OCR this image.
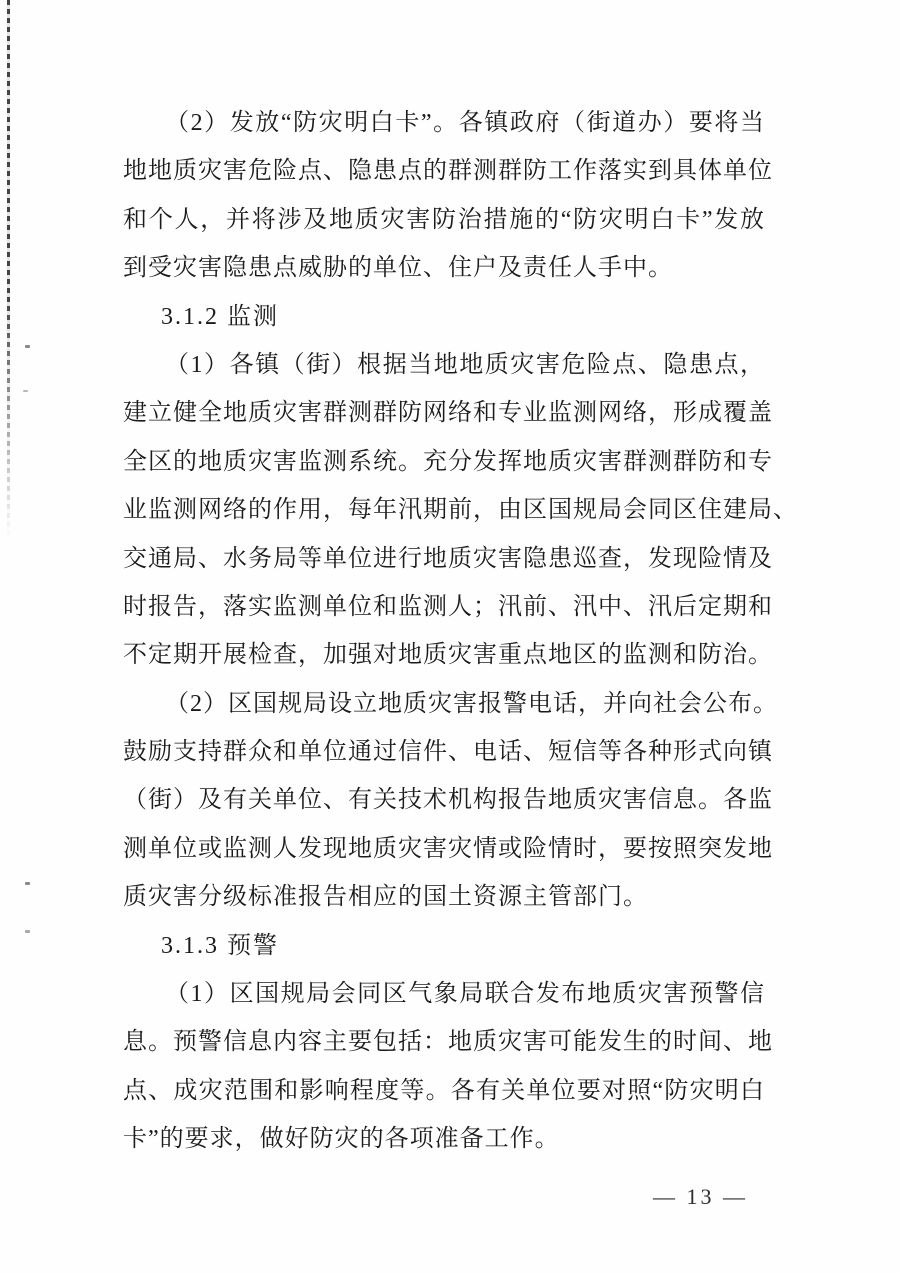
（2）发放“防灾明白卡”。各镇政府（街道办）要将当
地地质灾害危险点、隐患点的群测群防工作落实到具体单位
和个人，并将涉及地质灾害防治措施的“防灾明白卡”发放
到受灾害隐患点威胁的单位、住户及责任人手中。
3.1.2 监测
（1）各镇（街）根据当地地质灾害危险点、隐患点，
建立健全地质灾害群测群防网络和专业监测网络，形成覆盖
全区的地质灾害监测系统。充分发挥地质灾害群测群防和专
业监测网络的作用，每年汛期前，由区国规局会同区住建局、
交通局、水务局等单位进行地质灾害隐患巡查，发现险情及
时报告，落实监测单位和监测人；汛前、汛中、汛后定期和
不定期开展检查，加强对地质灾害重点地区的监测和防治。
（2）区国规局设立地质灾害报警电话，并向社会公布。
鼓励支持群众和单位通过信件、电话、短信等各种形式向镇
（街）及有关单位、有关技术机构报告地质灾害信息。各监
测单位或监测人发现地质灾害灾情或险情时，要按照突发地
质灾害分级标准报告相应的国土资源主管部门。
3.1.3 预警
（1）区国规局会同区气象局联合发布地质灾害预警信
息。预警信息内容主要包括：地质灾害可能发生的时间、地
点、成灾范围和影响程度等。各有关单位要对照“防灾明白
卡”的要求，做好防灾的各项准备工作。
— 13 —
